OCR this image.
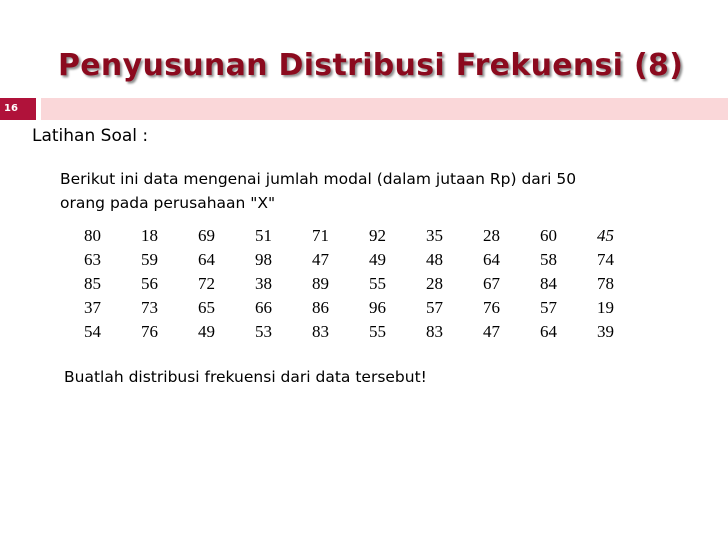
Penyusunan Distribusi Frekuensi (8)
16
Latihan Soal :

Berikut ini data mengenai jumlah modal (dalam jutaan Rp) dari 50

orang pada perusahaan "X"

80	18	69	51	71	92	35	28	60	45
63	59	64	98	47	49	48	64	58	74
85	56	72	38	89	55	28	67	84	78
37	73	65	66	86	96	57	76	57	19
54	76	49	53	83	55	83	47	64	39
Buatlah distribusi frekuensi dari data tersebut!
